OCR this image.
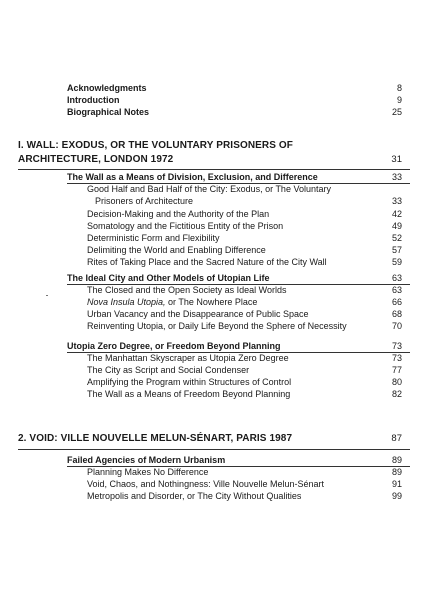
Acknowledgments	8
Introduction	9
Biographical Notes	25
I. WALL: EXODUS, OR THE VOLUNTARY PRISONERS OF
ARCHITECTURE, LONDON 1972	31
The Wall as a Means of Division, Exclusion, and Difference	33
Good Half and Bad Half of the City: Exodus, or The Voluntary
Prisoners of Architecture	33
Decision-Making and the Authority of the Plan	42
Somatology and the Fictitious Entity of the Prison	49
Deterministic Form and Flexibility	52
Delimiting the World and Enabling Difference	57
Rites of Taking Place and the Sacred Nature of the City Wall	59
The Ideal City and Other Models of Utopian Life	63
The Closed and the Open Society as Ideal Worlds	63
Nova Insula Utopia, or The Nowhere Place	66
Urban Vacancy and the Disappearance of Public Space	68
Reinventing Utopia, or Daily Life Beyond the Sphere of Necessity	70
Utopia Zero Degree, or Freedom Beyond Planning	73
The Manhattan Skyscraper as Utopia Zero Degree	73
The City as Script and Social Condenser	77
Amplifying the Program within Structures of Control	80
The Wall as a Means of Freedom Beyond Planning	82
2. VOID: VILLE NOUVELLE MELUN-SÉNART, PARIS 1987	87
Failed Agencies of Modern Urbanism	89
Planning Makes No Difference	89
Void, Chaos, and Nothingness: Ville Nouvelle Melun-Sénart	91
Metropolis and Disorder, or The City Without Qualities	99
